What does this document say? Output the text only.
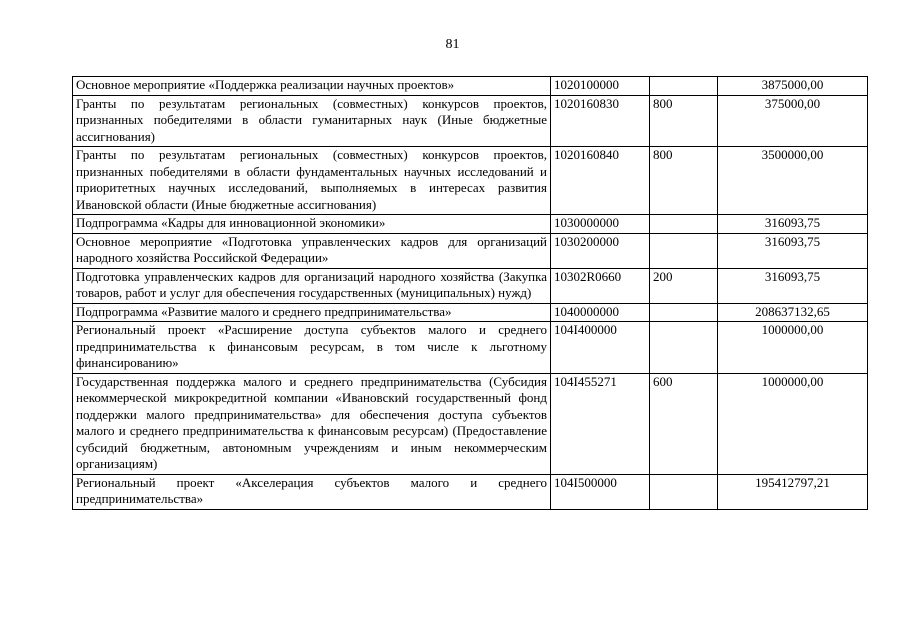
81
Основное мероприятие «Поддержка реализации научных проектов»	1020100000		3875000,00
Гранты по результатам региональных (совместных) конкурсов проектов, признанных победителями в области гуманитарных наук (Иные бюджетные ассигнования)	1020160830	800	375000,00
Гранты по результатам региональных (совместных) конкурсов проектов, признанных победителями в области фундаментальных научных исследований и приоритетных научных исследований, выполняемых в интересах развития Ивановской области (Иные бюджетные ассигнования)	1020160840	800	3500000,00
Подпрограмма «Кадры для инновационной экономики»	1030000000		316093,75
Основное мероприятие «Подготовка управленческих кадров для организаций народного хозяйства Российской Федерации»	1030200000		316093,75
Подготовка управленческих кадров для организаций народного хозяйства (Закупка товаров, работ и услуг для обеспечения государственных (муниципальных) нужд)	10302R0660	200	316093,75
Подпрограмма «Развитие малого и среднего предпринимательства»	1040000000		208637132,65
Региональный проект «Расширение доступа субъектов малого и среднего предпринимательства к финансовым ресурсам, в том числе к льготному финансированию»	104I400000		1000000,00
Государственная поддержка малого и среднего предпринимательства (Субсидия некоммерческой микрокредитной компании «Ивановский государственный фонд поддержки малого предпринимательства» для обеспечения доступа субъектов малого и среднего предпринимательства к финансовым ресурсам) (Предоставление субсидий бюджетным, автономным учреждениям и иным некоммерческим организациям)	104I455271	600	1000000,00
Региональный проект «Акселерация субъектов малого и среднего предпринимательства»	104I500000		195412797,21
